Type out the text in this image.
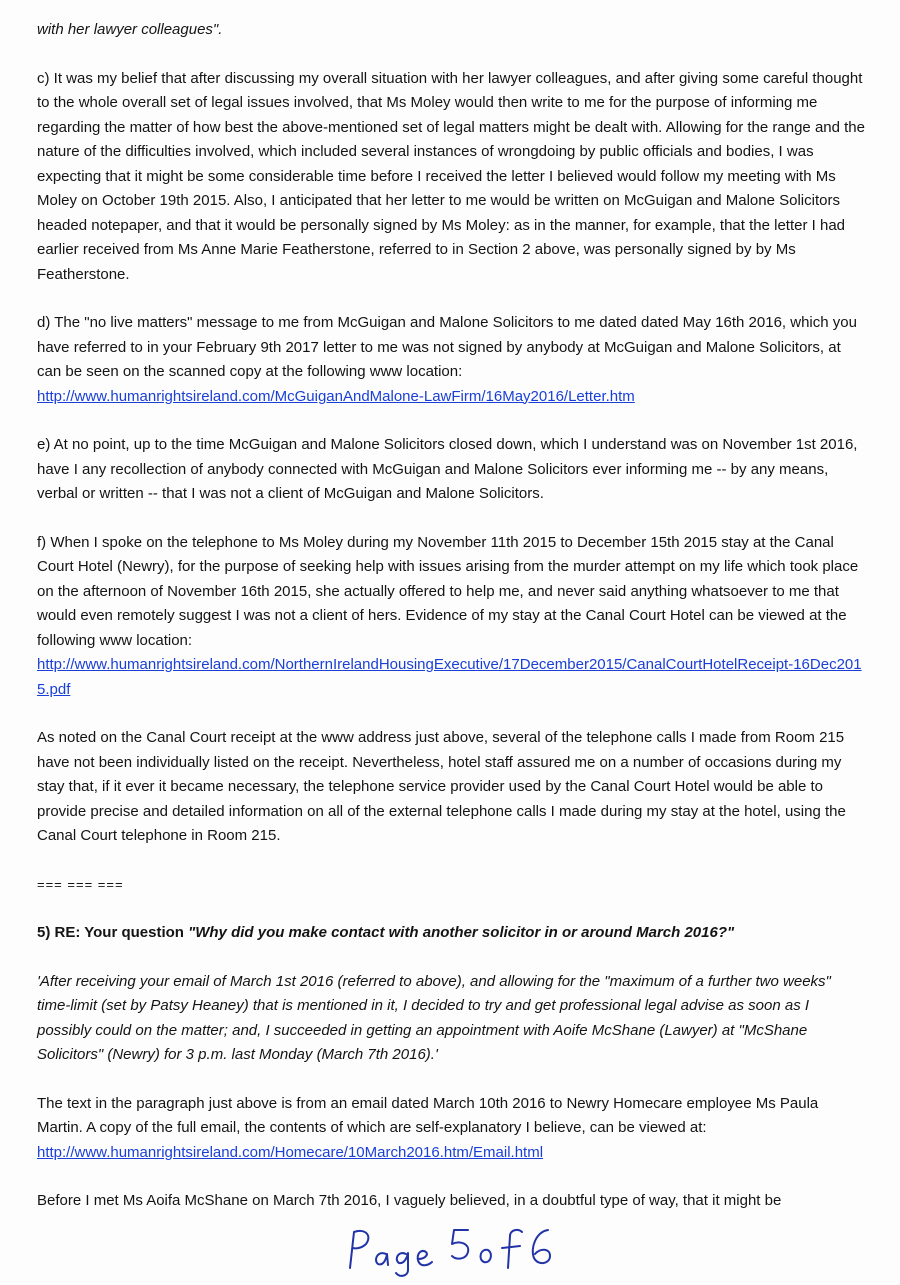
with her lawyer colleagues".

c) It was my belief that after discussing my overall situation with her lawyer colleagues, and after giving some careful thought to the whole overall set of legal issues involved, that Ms Moley would then write to me for the purpose of informing me regarding the matter of how best the above-mentioned set of legal matters might be dealt with. Allowing for the range and the nature of the difficulties involved, which included several instances of wrongdoing by public officials and bodies, I was expecting that it might be some considerable time before I received the letter I believed would follow my meeting with Ms Moley on October 19th 2015. Also, I anticipated that her letter to me would be written on McGuigan and Malone Solicitors headed notepaper, and that it would be personally signed by Ms Moley: as in the manner, for example, that the letter I had earlier received from Ms Anne Marie Featherstone, referred to in Section 2 above, was personally signed by by Ms Featherstone.

d) The "no live matters" message to me from McGuigan and Malone Solicitors to me dated dated May 16th 2016, which you have referred to in your February 9th 2017 letter to me was not signed by anybody at McGuigan and Malone Solicitors, at can be seen on the scanned copy at the following www location:
http://www.humanrightsireland.com/McGuiganAndMalone-LawFirm/16May2016/Letter.htm

e) At no point, up to the time McGuigan and Malone Solicitors closed down, which I understand was on November 1st 2016, have I any recollection of anybody connected with McGuigan and Malone Solicitors ever informing me -- by any means, verbal or written -- that I was not a client of McGuigan and Malone Solicitors.

f) When I spoke on the telephone to Ms Moley during my November 11th 2015 to December 15th 2015 stay at the Canal Court Hotel (Newry), for the purpose of seeking help with issues arising from the murder attempt on my life which took place on the afternoon of November 16th 2015, she actually offered to help me, and never said anything whatsoever to me that would even remotely suggest I was not a client of hers. Evidence of my stay at the Canal Court Hotel can be viewed at the following www location:
http://www.humanrightsireland.com/NorthernIrelandHousingExecutive/17December2015/CanalCourtHotelReceipt-16Dec2015.pdf

As noted on the Canal Court receipt at the www address just above, several of the telephone calls I made from Room 215 have not been individually listed on the receipt. Nevertheless, hotel staff assured me on a number of occasions during my stay that, if it ever it became necessary, the telephone service provider used by the Canal Court Hotel would be able to provide precise and detailed information on all of the external telephone calls I made during my stay at the hotel, using the Canal Court telephone in Room 215.

=== === ===

5) RE: Your question "Why did you make contact with another solicitor in or around March 2016?"

'After receiving your email of March 1st 2016 (referred to above), and allowing for the "maximum of a further two weeks" time-limit (set by Patsy Heaney) that is mentioned in it, I decided to try and get professional legal advise as soon as I possibly could on the matter; and, I succeeded in getting an appointment with Aoife McShane (Lawyer) at "McShane Solicitors" (Newry) for 3 p.m. last Monday (March 7th 2016).'

The text in the paragraph just above is from an email dated March 10th 2016 to Newry Homecare employee Ms Paula Martin. A copy of the full email, the contents of which are self-explanatory I believe, can be viewed at:
http://www.humanrightsireland.com/Homecare/10March2016.htm/Email.html

Before I met Ms Aoifa McShane on March 7th 2016, I vaguely believed, in a doubtful type of way, that it might be
